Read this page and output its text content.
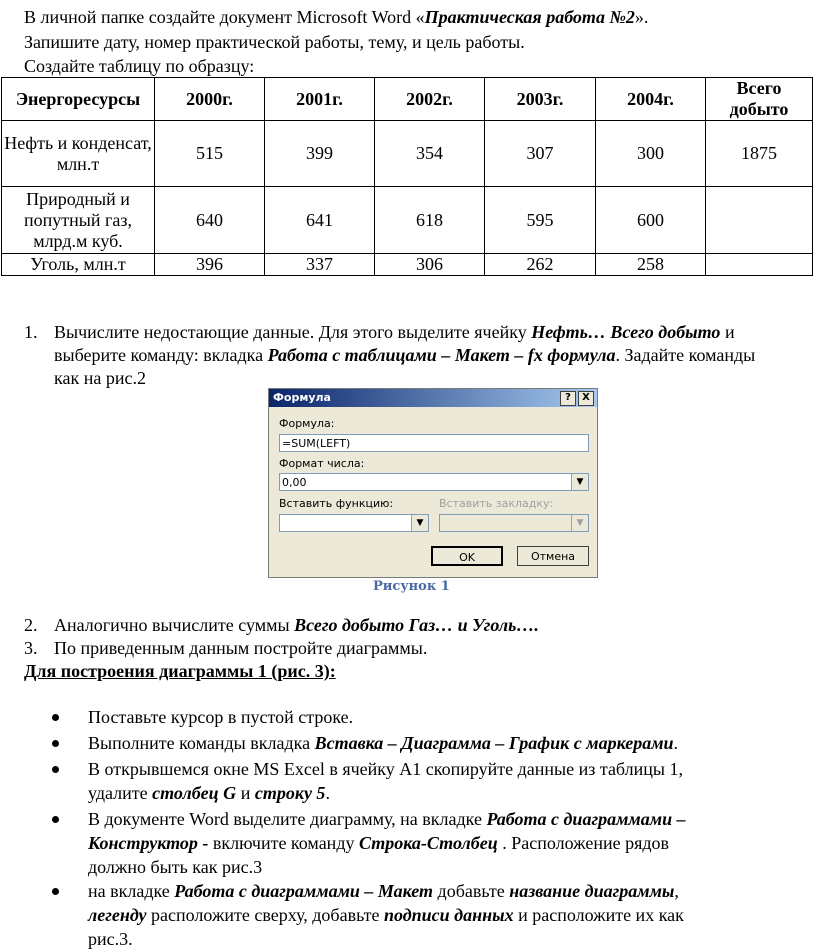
В личной папке создайте документ Microsoft Word «Практическая работа №2».
Запишите дату, номер практической работы, тему, и цель работы.
Создайте таблицу по образцу:
Энергоресурсы	2000г.	2001г.	2002г.	2003г.	2004г.	Всего добыто
Нефть и конденсат, млн.т	515	399	354	307	300	1875
Природный и попутный газ, млрд.м куб.	640	641	618	595	600	
Уголь, млн.т	396	337	306	262	258	
1. Вычислите недостающие данные. Для этого выделите ячейку Нефть… Всего добыто и
выберите команду: вкладка Работа с таблицами – Макет – fx формула. Задайте команды
как на рис.2
Формула	?	X
Формула:
=SUM(LEFT)
Формат числа:
0,00	▼
Вставить функцию:	Вставить закладку:
▼	▼
OK	Отмена
Рисунок 1
2. Аналогично вычислите суммы Всего добыто Газ… и Уголь….
3. По приведенным данным постройте диаграммы.
Для построения диаграммы 1 (рис. 3):
Поставьте курсор в пустой строке.
Выполните команды вкладка Вставка – Диаграмма – График с маркерами.
В открывшемся окне MS Excel в ячейку А1 скопируйте данные из таблицы 1,
удалите столбец G и строку 5.
В документе Word выделите диаграмму, на вкладке Работа с диаграммами –
Конструктор - включите команду Строка-Столбец . Расположение рядов
должно быть как рис.3
на вкладке Работа с диаграммами – Макет добавьте название диаграммы,
легенду расположите сверху, добавьте подписи данных и расположите их как
рис.3.
